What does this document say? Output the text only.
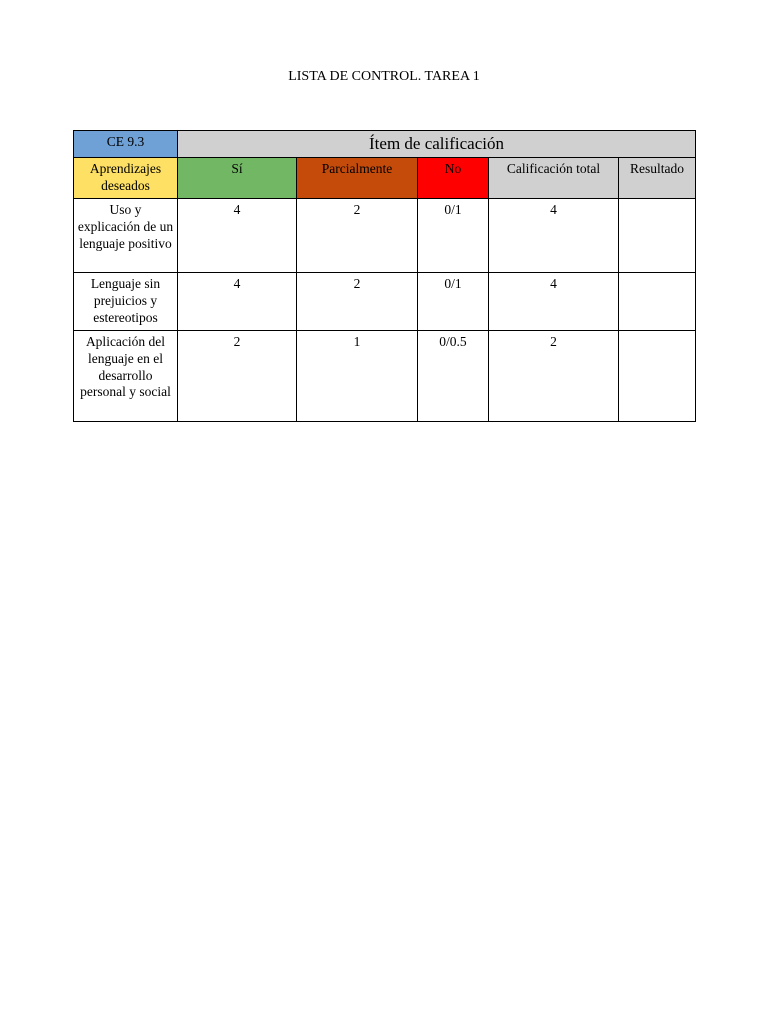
LISTA DE CONTROL. TAREA 1
CE 9.3	Ítem de calificación				
Aprendizajes deseados	Sí	Parcialmente	No	Calificación total	Resultado
Uso y explicación de un lenguaje positivo	4	2	0/1	4	
Lenguaje sin prejuicios y estereotipos	4	2	0/1	4	
Aplicación del lenguaje en el desarrollo personal y social	2	1	0/0.5	2	
